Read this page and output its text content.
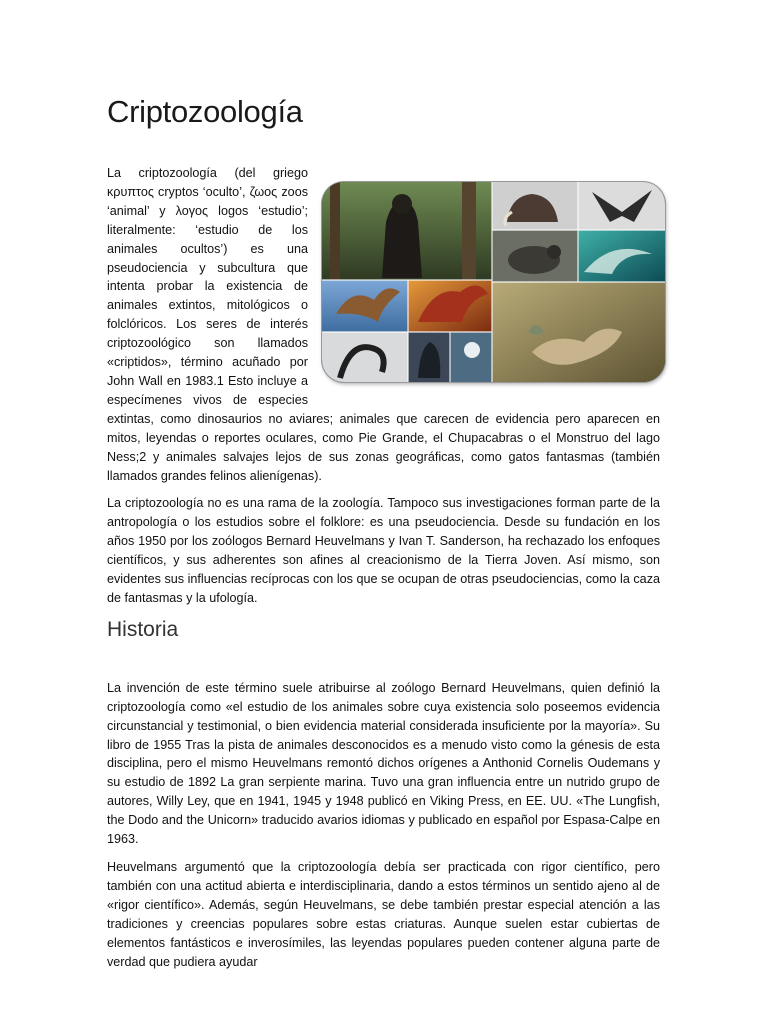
Criptozoología

La criptozoología (del griego κρυπτος cryptos ‘oculto’, ζωος zoos ‘animal’ y λογος logos ‘estudio’; literalmente: ‘estudio de los animales ocultos’) es una pseudociencia y subcultura que intenta probar la existencia de animales extintos, mitológicos o folclóricos. Los seres de interés criptozoológico son llamados «criptidos», término acuñado por John Wall en 1983.1 Esto incluye a especímenes vivos de especies extintas, como dinosaurios no aviares; animales que carecen de evidencia pero aparecen en mitos, leyendas o reportes oculares, como Pie Grande, el Chupacabras o el Monstruo del lago Ness;2 y animales salvajes lejos de sus zonas geográficas, como gatos fantasmas (también llamados grandes felinos alienígenas).

La criptozoología no es una rama de la zoología. Tampoco sus investigaciones forman parte de la antropología o los estudios sobre el folklore: es una pseudociencia. Desde su fundación en los años 1950 por los zoólogos Bernard Heuvelmans y Ivan T. Sanderson, ha rechazado los enfoques científicos, y sus adherentes son afines al creacionismo de la Tierra Joven. Así mismo, son evidentes sus influencias recíprocas con los que se ocupan de otras pseudociencias, como la caza de fantasmas y la ufología.

Historia

La invención de este término suele atribuirse al zoólogo Bernard Heuvelmans, quien definió la criptozoología como «el estudio de los animales sobre cuya existencia solo poseemos evidencia circunstancial y testimonial, o bien evidencia material considerada insuficiente por la mayoría». Su libro de 1955 Tras la pista de animales desconocidos es a menudo visto como la génesis de esta disciplina, pero el mismo Heuvelmans remontó dichos orígenes a Anthonid Cornelis Oudemans y su estudio de 1892 La gran serpiente marina. Tuvo una gran influencia entre un nutrido grupo de autores, Willy Ley, que en 1941, 1945 y 1948 publicó en Viking Press, en EE. UU. «The Lungfish, the Dodo and the Unicorn» traducido avarios idiomas y publicado en español por Espasa-Calpe en 1963.

Heuvelmans argumentó que la criptozoología debía ser practicada con rigor científico, pero también con una actitud abierta e interdisciplinaria, dando a estos términos un sentido ajeno al de «rigor científico». Además, según Heuvelmans, se debe también prestar especial atención a las tradiciones y creencias populares sobre estas criaturas. Aunque suelen estar cubiertas de elementos fantásticos e inverosímiles, las leyendas populares pueden contener alguna parte de verdad que pudiera ayudar
